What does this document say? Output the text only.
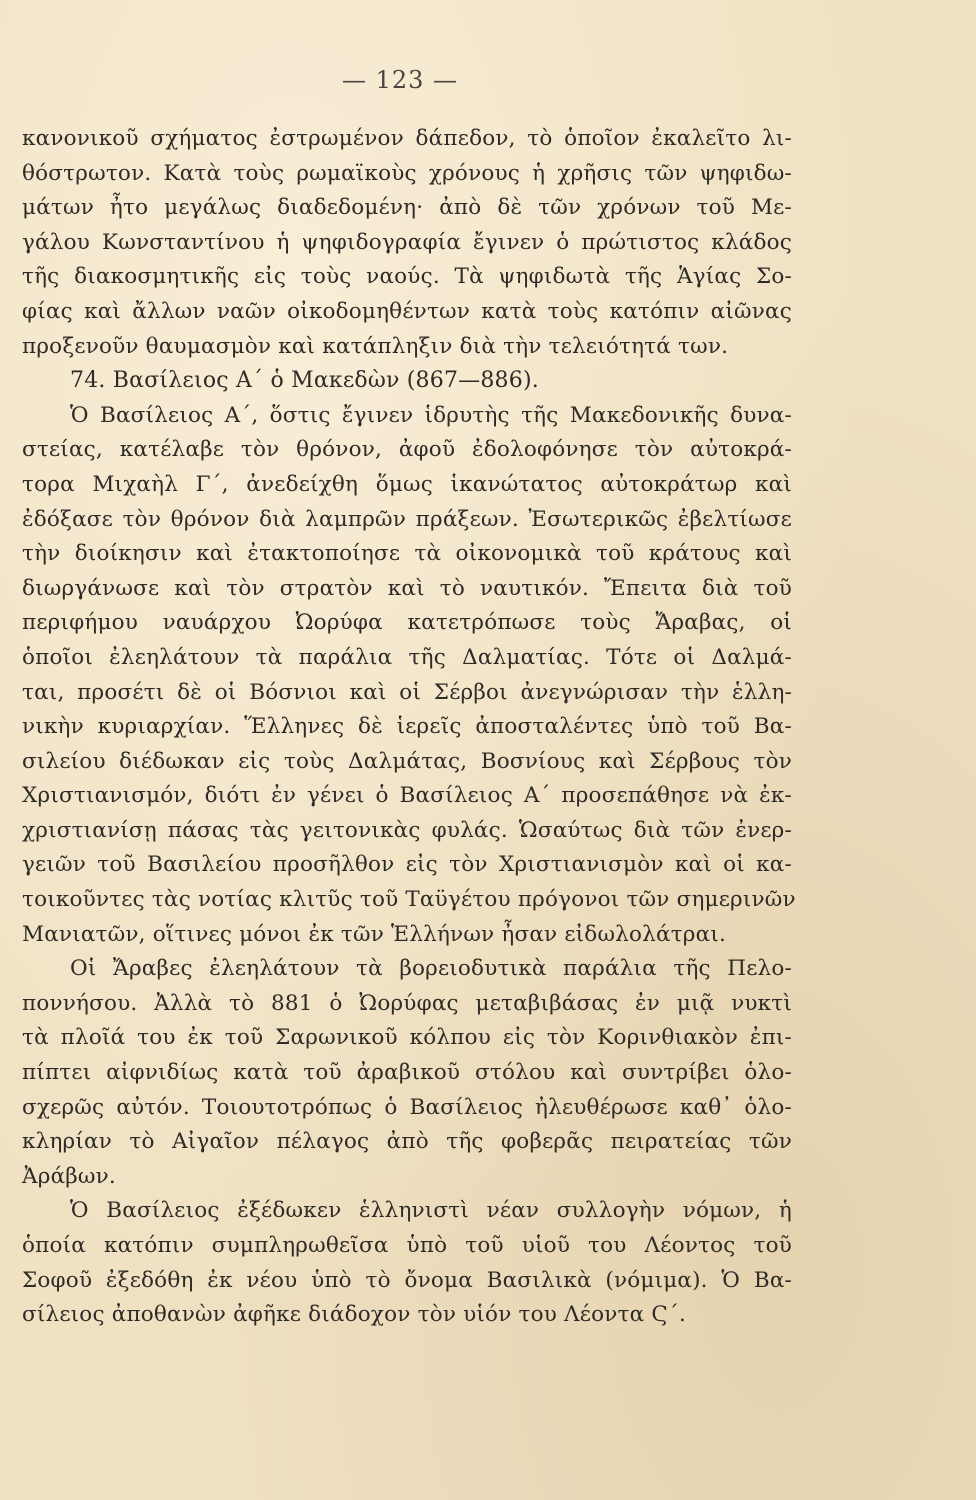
— 123 —
κανονικοῦ σχήματος ἐστρωμένον δάπεδον, τὸ ὁποῖον ἐκαλεῖτο λι-
θόστρωτον. Κατὰ τοὺς ρωμαϊκοὺς χρόνους ἡ χρῆσις τῶν ψηφιδω-
μάτων ἦτο μεγάλως διαδεδομένη· ἀπὸ δὲ τῶν χρόνων τοῦ Με-
γάλου Κωνσταντίνου ἡ ψηφιδογραφία ἔγινεν ὁ πρώτιστος κλάδος
τῆς διακοσμητικῆς εἰς τοὺς ναούς. Τὰ ψηφιδωτὰ τῆς Ἁγίας Σο-
φίας καὶ ἄλλων ναῶν οἰκοδομηθέντων κατὰ τοὺς κατόπιν αἰῶνας
προξενοῦν θαυμασμὸν καὶ κατάπληξιν διὰ τὴν τελειότητά των.
74. Βασίλειος Α΄ ὁ Μακεδὼν (867—886).
Ὁ Βασίλειος Α΄, ὅστις ἔγινεν ἱδρυτὴς τῆς Μακεδονικῆς δυνα-
στείας, κατέλαβε τὸν θρόνον, ἀφοῦ ἐδολοφόνησε τὸν αὐτοκρά-
τορα Μιχαὴλ Γ΄, ἀνεδείχθη ὅμως ἱκανώτατος αὐτοκράτωρ καὶ
ἐδόξασε τὸν θρόνον διὰ λαμπρῶν πράξεων. Ἐσωτερικῶς ἐβελτίωσε
τὴν διοίκησιν καὶ ἐτακτοποίησε τὰ οἰκονομικὰ τοῦ κράτους καὶ
διωργάνωσε καὶ τὸν στρατὸν καὶ τὸ ναυτικόν. Ἔπειτα διὰ τοῦ
περιφήμου ναυάρχου Ὠορύφα κατετρόπωσε τοὺς Ἄραβας, οἱ
ὁποῖοι ἐλεηλάτουν τὰ παράλια τῆς Δαλματίας. Τότε οἱ Δαλμά-
ται, προσέτι δὲ οἱ Βόσνιοι καὶ οἱ Σέρβοι ἀνεγνώρισαν τὴν ἑλλη-
νικὴν κυριαρχίαν. Ἕλληνες δὲ ἱερεῖς ἀποσταλέντες ὑπὸ τοῦ Βα-
σιλείου διέδωκαν εἰς τοὺς Δαλμάτας, Βοσνίους καὶ Σέρβους τὸν
Χριστιανισμόν, διότι ἐν γένει ὁ Βασίλειος Α΄ προσεπάθησε νὰ ἐκ-
χριστιανίσῃ πάσας τὰς γειτονικὰς φυλάς. Ὡσαύτως διὰ τῶν ἐνερ-
γειῶν τοῦ Βασιλείου προσῆλθον εἰς τὸν Χριστιανισμὸν καὶ οἱ κα-
τοικοῦντες τὰς νοτίας κλιτῦς τοῦ Ταϋγέτου πρόγονοι τῶν σημερινῶν
Μανιατῶν, οἵτινες μόνοι ἐκ τῶν Ἑλλήνων ἦσαν εἰδωλολάτραι.
Οἱ Ἄραβες ἐλεηλάτουν τὰ βορειοδυτικὰ παράλια τῆς Πελο-
ποννήσου. Ἀλλὰ τὸ 881 ὁ Ὠορύφας μεταβιβάσας ἐν μιᾷ νυκτὶ
τὰ πλοῖά του ἐκ τοῦ Σαρωνικοῦ κόλπου εἰς τὸν Κορινθιακὸν ἐπι-
πίπτει αἰφνιδίως κατὰ τοῦ ἀραβικοῦ στόλου καὶ συντρίβει ὁλο-
σχερῶς αὐτόν. Τοιουτοτρόπως ὁ Βασίλειος ἠλευθέρωσε καθ᾿ ὁλο-
κληρίαν τὸ Αἰγαῖον πέλαγος ἀπὸ τῆς φοβερᾶς πειρατείας τῶν
Ἀράβων.
Ὁ Βασίλειος ἐξέδωκεν ἑλληνιστὶ νέαν συλλογὴν νόμων, ἡ
ὁποία κατόπιν συμπληρωθεῖσα ὑπὸ τοῦ υἱοῦ του Λέοντος τοῦ
Σοφοῦ ἐξεδόθη ἐκ νέου ὑπὸ τὸ ὄνομα Βασιλικὰ (νόμιμα). Ὁ Βα-
σίλειος ἀποθανὼν ἀφῆκε διάδοχον τὸν υἱόν του Λέοντα Ϛ΄.
